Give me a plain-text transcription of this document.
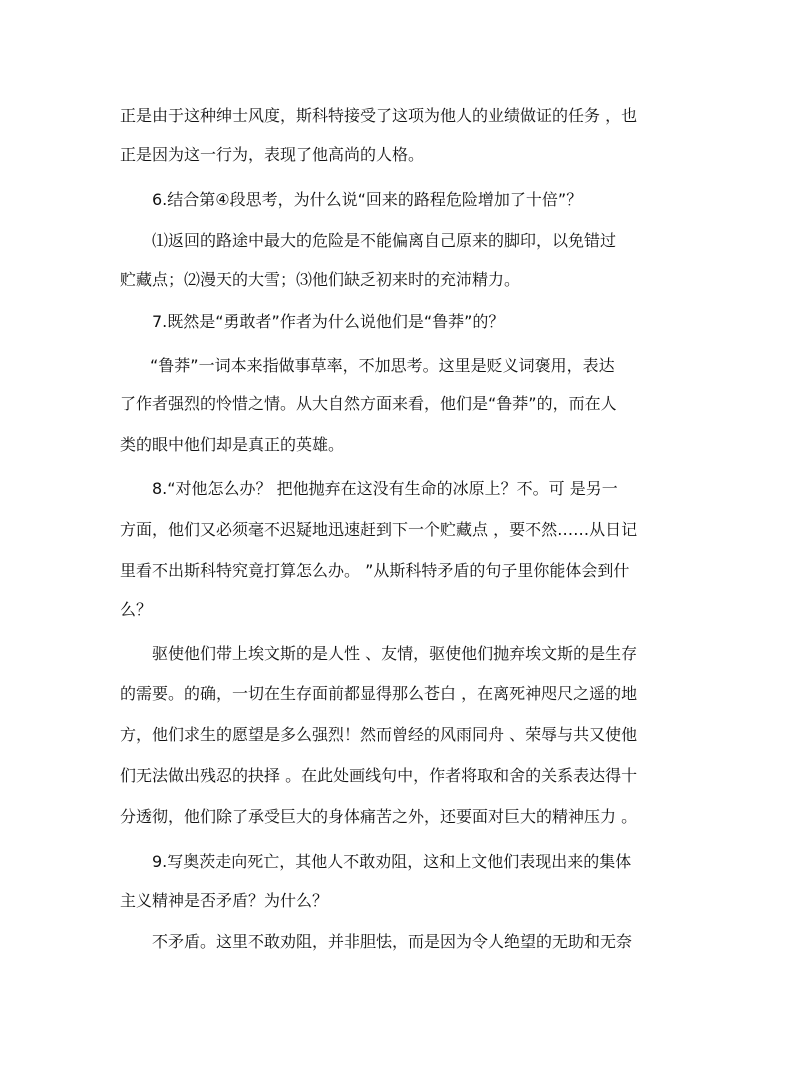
正是由于这种绅士风度，斯科特接受了这项为他人的业绩做证的任务 ，也
正是因为这一行为，表现了他高尚的人格。
6.结合第④段思考，为什么说“回来的路程危险增加了十倍”？
⑴返回的路途中最大的危险是不能偏离自己原来的脚印，以免错过
贮藏点；⑵漫天的大雪；⑶他们缺乏初来时的充沛精力。
7.既然是“勇敢者”作者为什么说他们是“鲁莽”的？
“鲁莽”一词本来指做事草率，不加思考。这里是贬义词褒用，表达
了作者强烈的怜惜之情。从大自然方面来看，他们是“鲁莽”的，而在人
类的眼中他们却是真正的英雄。
8.“对他怎么办？ 把他抛弃在这没有生命的冰原上？不。可 是另一
方面，他们又必须毫不迟疑地迅速赶到下一个贮藏点 ，要不然……从日记
里看不出斯科特究竟打算怎么办。 ”从斯科特矛盾的句子里你能体会到什
么？
驱使他们带上埃文斯的是人性 、友情，驱使他们抛弃埃文斯的是生存
的需要。的确，一切在生存面前都显得那么苍白 ，在离死神咫尺之遥的地
方，他们求生的愿望是多么强烈！然而曾经的风雨同舟 、荣辱与共又使他
们无法做出残忍的抉择 。在此处画线句中，作者将取和舍的关系表达得十
分透彻，他们除了承受巨大的身体痛苦之外，还要面对巨大的精神压力 。
9.写奥茨走向死亡，其他人不敢劝阻，这和上文他们表现出来的集体
主义精神是否矛盾？为什么？
不矛盾。这里不敢劝阻，并非胆怯，而是因为令人绝望的无助和无奈
